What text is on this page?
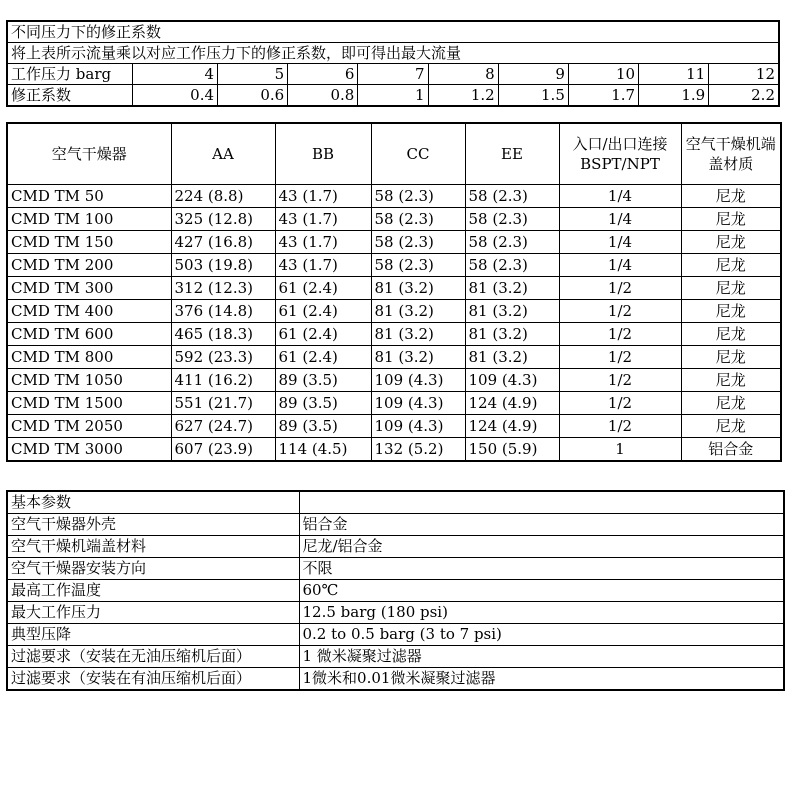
不同压力下的修正系数									
将上表所示流量乘以对应工作压力下的修正系数，即可得出最大流量									
工作压力 barg	4	5	6	7	8	9	10	11	12
修正系数	0.4	0.6	0.8	1	1.2	1.5	1.7	1.9	2.2
空气干燥器	AA	BB	CC	EE	入口/出口连接 BSPT/NPT	空气干燥机端盖材质
CMD TM 50	224 (8.8)	43 (1.7)	58 (2.3)	58 (2.3)	1/4	尼龙
CMD TM 100	325 (12.8)	43 (1.7)	58 (2.3)	58 (2.3)	1/4	尼龙
CMD TM 150	427 (16.8)	43 (1.7)	58 (2.3)	58 (2.3)	1/4	尼龙
CMD TM 200	503 (19.8)	43 (1.7)	58 (2.3)	58 (2.3)	1/4	尼龙
CMD TM 300	312 (12.3)	61 (2.4)	81 (3.2)	81 (3.2)	1/2	尼龙
CMD TM 400	376 (14.8)	61 (2.4)	81 (3.2)	81 (3.2)	1/2	尼龙
CMD TM 600	465 (18.3)	61 (2.4)	81 (3.2)	81 (3.2)	1/2	尼龙
CMD TM 800	592 (23.3)	61 (2.4)	81 (3.2)	81 (3.2)	1/2	尼龙
CMD TM 1050	411 (16.2)	89 (3.5)	109 (4.3)	109 (4.3)	1/2	尼龙
CMD TM 1500	551 (21.7)	89 (3.5)	109 (4.3)	124 (4.9)	1/2	尼龙
CMD TM 2050	627 (24.7)	89 (3.5)	109 (4.3)	124 (4.9)	1/2	尼龙
CMD TM 3000	607 (23.9)	114 (4.5)	132 (5.2)	150 (5.9)	1	铝合金
基本参数	
空气干燥器外壳	铝合金
空气干燥机端盖材料	尼龙/铝合金
空气干燥器安装方向	不限
最高工作温度	60℃
最大工作压力	12.5 barg (180 psi)
典型压降	0.2 to 0.5 barg (3 to 7 psi)
过滤要求（安装在无油压缩机后面）	1 微米凝聚过滤器
过滤要求（安装在有油压缩机后面）	1微米和0.01微米凝聚过滤器
